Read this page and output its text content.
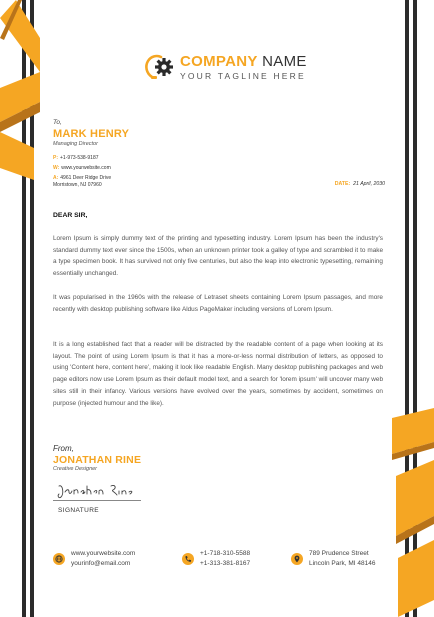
COMPANY NAME
YOUR TAGLINE HERE
To,
MARK HENRY
Managing Director
P: +1-973-538-9187
W: www.yourwebsite.com
A: 4961 Deer Ridge Drive
Morristown, NJ 07960	DATE: 21 April, 2030
DEAR SIR,

Lorem Ipsum is simply dummy text of the printing and typesetting industry. Lorem Ipsum has been the industry's standard dummy text ever since the 1500s, when an unknown printer took a galley of type and scrambled it to make a type specimen book. It has survived not only five centuries, but also the leap into electronic typesetting, remaining essentially unchanged.

It was popularised in the 1960s with the release of Letraset sheets containing Lorem Ipsum passages, and more recently with desktop publishing software like Aldus PageMaker including versions of Lorem Ipsum.

It is a long established fact that a reader will be distracted by the readable content of a page when looking at its layout. The point of using Lorem Ipsum is that it has a more-or-less normal distribution of letters, as opposed to using 'Content here, content here', making it look like readable English. Many desktop publishing packages and web page editors now use Lorem Ipsum as their default model text, and a search for 'lorem ipsum' will uncover many web sites still in their infancy. Various versions have evolved over the years, sometimes by accident, sometimes on purpose (injected humour and the like).

From,
JONATHAN RINE
Creative Designer
SIGNATURE
www.yourwebsite.com
yourinfo@email.com
+1-718-310-5588
+1-313-381-8167
789 Prudence Street
Lincoln Park, MI 48146
